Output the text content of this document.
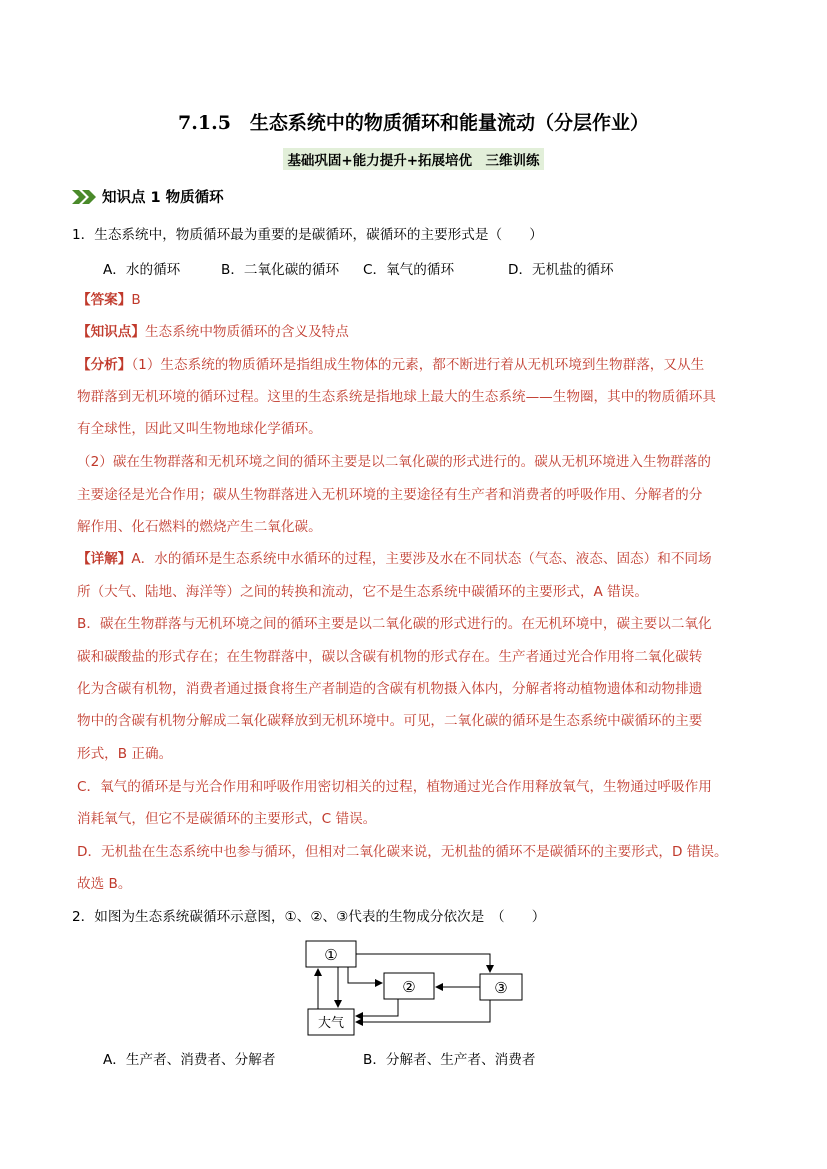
7.1.5　生态系统中的物质循环和能量流动（分层作业）
基础巩固+能力提升+拓展培优　三维训练
知识点 1 物质循环
1．生态系统中，物质循环最为重要的是碳循环，碳循环的主要形式是（　　）
A．水的循环	B．二氧化碳的循环 C．氧气的循环	D．无机盐的循环
【答案】B
【知识点】生态系统中物质循环的含义及特点
【分析】（1）生态系统的物质循环是指组成生物体的元素，都不断进行着从无机环境到生物群落，又从生
物群落到无机环境的循环过程。这里的生态系统是指地球上最大的生态系统——生物圈，其中的物质循环具
有全球性，因此又叫生物地球化学循环。
（2）碳在生物群落和无机环境之间的循环主要是以二氧化碳的形式进行的。碳从无机环境进入生物群落的
主要途径是光合作用；碳从生物群落进入无机环境的主要途径有生产者和消费者的呼吸作用、分解者的分
解作用、化石燃料的燃烧产生二氧化碳。
【详解】A．水的循环是生态系统中水循环的过程，主要涉及水在不同状态（气态、液态、固态）和不同场
所（大气、陆地、海洋等）之间的转换和流动，它不是生态系统中碳循环的主要形式，A 错误。
B．碳在生物群落与无机环境之间的循环主要是以二氧化碳的形式进行的。在无机环境中，碳主要以二氧化
碳和碳酸盐的形式存在；在生物群落中，碳以含碳有机物的形式存在。生产者通过光合作用将二氧化碳转
化为含碳有机物，消费者通过摄食将生产者制造的含碳有机物摄入体内，分解者将动植物遗体和动物排遗
物中的含碳有机物分解成二氧化碳释放到无机环境中。可见，二氧化碳的循环是生态系统中碳循环的主要
形式，B 正确。
C．氧气的循环是与光合作用和呼吸作用密切相关的过程，植物通过光合作用释放氧气，生物通过呼吸作用
消耗氧气，但它不是碳循环的主要形式，C 错误。
D．无机盐在生态系统中也参与循环，但相对二氧化碳来说，无机盐的循环不是碳循环的主要形式，D 错误。
故选 B。
2．如图为生态系统碳循环示意图，①、②、③代表的生物成分依次是　（　　）
①
②	③
大气
A．生产者、消费者、分解者	B．分解者、生产者、消费者
